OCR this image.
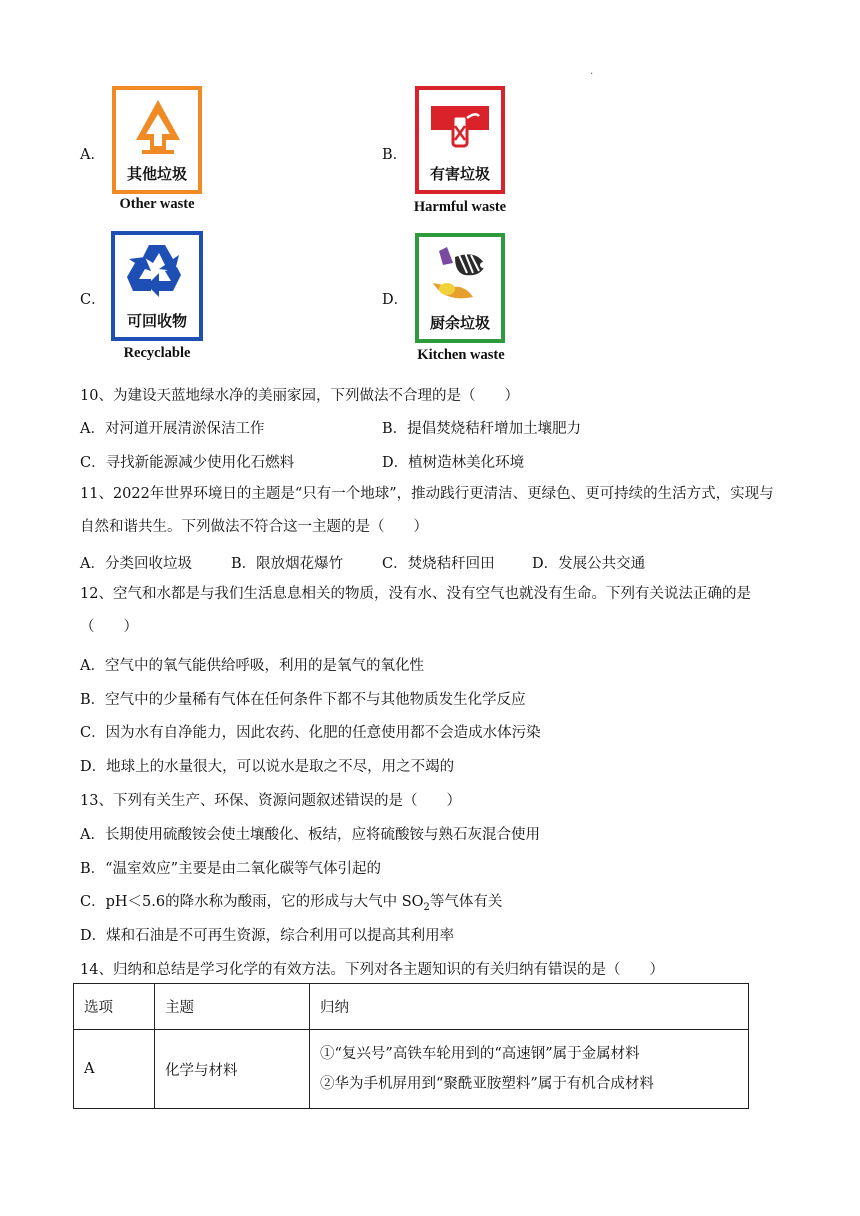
.
A．
其他垃圾
Other waste
B．
有害垃圾
Harmful waste
C．
可回收物
Recyclable
D．
厨余垃圾
Kitchen waste
10、为建设天蓝地绿水净的美丽家园，下列做法不合理的是（　　）
A．对河道开展清淤保洁工作	B．提倡焚烧秸秆增加土壤肥力
C．寻找新能源减少使用化石燃料	D．植树造林美化环境
11、2022年世界环境日的主题是“只有一个地球”，推动践行更清洁、更绿色、更可持续的生活方式，实现与自然和谐共生。下列做法不符合这一主题的是（　　）
A．分类回收垃圾	B．限放烟花爆竹	C．焚烧秸秆回田	D．发展公共交通
12、空气和水都是与我们生活息息相关的物质，没有水、没有空气也就没有生命。下列有关说法正确的是（　　）
A．空气中的氧气能供给呼吸，利用的是氧气的氧化性
B．空气中的少量稀有气体在任何条件下都不与其他物质发生化学反应
C．因为水有自净能力，因此农药、化肥的任意使用都不会造成水体污染
D．地球上的水量很大，可以说水是取之不尽，用之不竭的
13、下列有关生产、环保、资源问题叙述错误的是（　　）
A．长期使用硫酸铵会使土壤酸化、板结，应将硫酸铵与熟石灰混合使用
B．“温室效应”主要是由二氧化碳等气体引起的
C．pH＜5.6的降水称为酸雨，它的形成与大气中 $SO_2$等气体有关
D．煤和石油是不可再生资源，综合利用可以提高其利用率
14、归纳和总结是学习化学的有效方法。下列对各主题知识的有关归纳有错误的是（　　）
选项	主题	归纳
A	化学与材料	①“复兴号”高铁车轮用到的“高速钢”属于金属材料
②华为手机屏用到“聚酰亚胺塑料”属于有机合成材料
